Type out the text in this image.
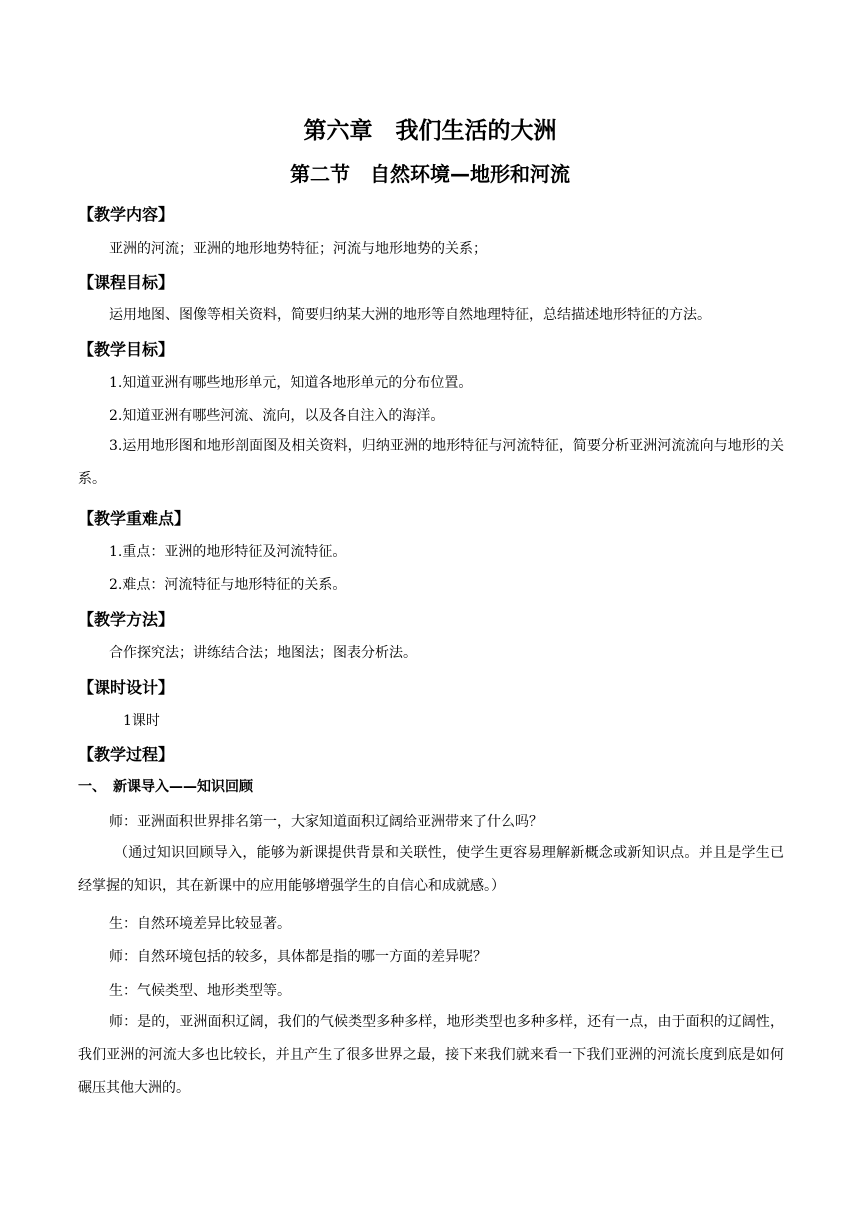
第六章　我们生活的大洲
第二节　自然环境—地形和河流
【教学内容】
亚洲的河流；亚洲的地形地势特征；河流与地形地势的关系；
【课程目标】
运用地图、图像等相关资料，简要归纳某大洲的地形等自然地理特征，总结描述地形特征的方法。
【教学目标】
1.知道亚洲有哪些地形单元，知道各地形单元的分布位置。
2.知道亚洲有哪些河流、流向，以及各自注入的海洋。
3.运用地形图和地形剖面图及相关资料，归纳亚洲的地形特征与河流特征，简要分析亚洲河流流向与地形的关系。
【教学重难点】
1.重点：亚洲的地形特征及河流特征。
2.难点：河流特征与地形特征的关系。
【教学方法】
合作探究法；讲练结合法；地图法；图表分析法。
【课时设计】
1课时
【教学过程】
一、　新课导入——知识回顾
师：亚洲面积世界排名第一，大家知道面积辽阔给亚洲带来了什么吗？
（通过知识回顾导入，能够为新课提供背景和关联性，使学生更容易理解新概念或新知识点。并且是学生已经掌握的知识，其在新课中的应用能够增强学生的自信心和成就感。）
生：自然环境差异比较显著。
师：自然环境包括的较多，具体都是指的哪一方面的差异呢？
生：气候类型、地形类型等。
师：是的，亚洲面积辽阔，我们的气候类型多种多样，地形类型也多种多样，还有一点，由于面积的辽阔性，我们亚洲的河流大多也比较长，并且产生了很多世界之最，接下来我们就来看一下我们亚洲的河流长度到底是如何碾压其他大洲的。
